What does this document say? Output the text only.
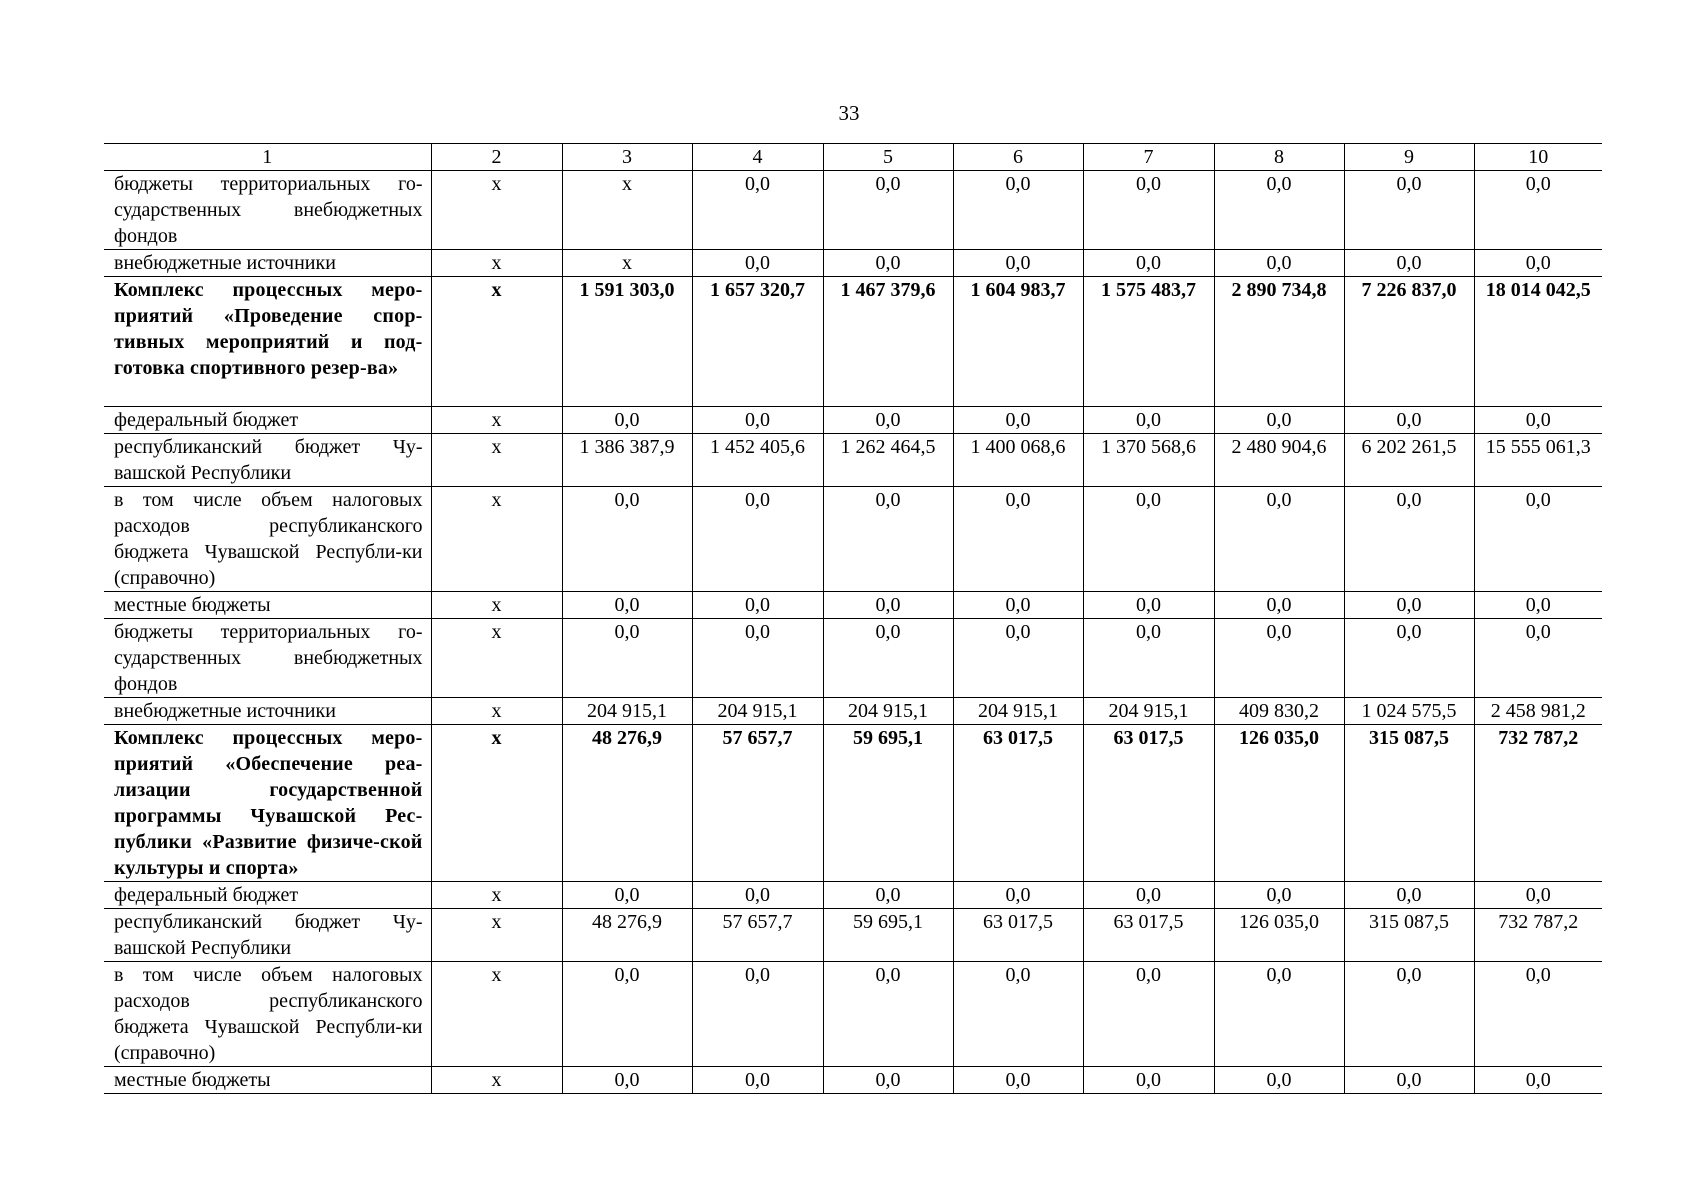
33
1	2	3	4	5	6	7	8	9	10
бюджеты территориальных го-сударственных внебюджетных фондов	х	х	0,0	0,0	0,0	0,0	0,0	0,0	0,0
внебюджетные источники	х	х	0,0	0,0	0,0	0,0	0,0	0,0	0,0
Комплекс процессных меро-приятий «Проведение спор-тивных мероприятий и под-готовка спортивного резер-ва»	х	1 591 303,0	1 657 320,7	1 467 379,6	1 604 983,7	1 575 483,7	2 890 734,8	7 226 837,0	18 014 042,5
федеральный бюджет	х	0,0	0,0	0,0	0,0	0,0	0,0	0,0	0,0
республиканский бюджет Чу-вашской Республики	х	1 386 387,9	1 452 405,6	1 262 464,5	1 400 068,6	1 370 568,6	2 480 904,6	6 202 261,5	15 555 061,3
в том числе объем налоговых расходов республиканского бюджета Чувашской Республи-ки (справочно)	х	0,0	0,0	0,0	0,0	0,0	0,0	0,0	0,0
местные бюджеты	х	0,0	0,0	0,0	0,0	0,0	0,0	0,0	0,0
бюджеты территориальных го-сударственных внебюджетных фондов	х	0,0	0,0	0,0	0,0	0,0	0,0	0,0	0,0
внебюджетные источники	х	204 915,1	204 915,1	204 915,1	204 915,1	204 915,1	409 830,2	1 024 575,5	2 458 981,2
Комплекс процессных меро-приятий «Обеспечение реа-лизации государственной программы Чувашской Рес-публики «Развитие физиче-ской культуры и спорта»	х	48 276,9	57 657,7	59 695,1	63 017,5	63 017,5	126 035,0	315 087,5	732 787,2
федеральный бюджет	х	0,0	0,0	0,0	0,0	0,0	0,0	0,0	0,0
республиканский бюджет Чу-вашской Республики	х	48 276,9	57 657,7	59 695,1	63 017,5	63 017,5	126 035,0	315 087,5	732 787,2
в том числе объем налоговых расходов республиканского бюджета Чувашской Республи-ки (справочно)	х	0,0	0,0	0,0	0,0	0,0	0,0	0,0	0,0
местные бюджеты	х	0,0	0,0	0,0	0,0	0,0	0,0	0,0	0,0
